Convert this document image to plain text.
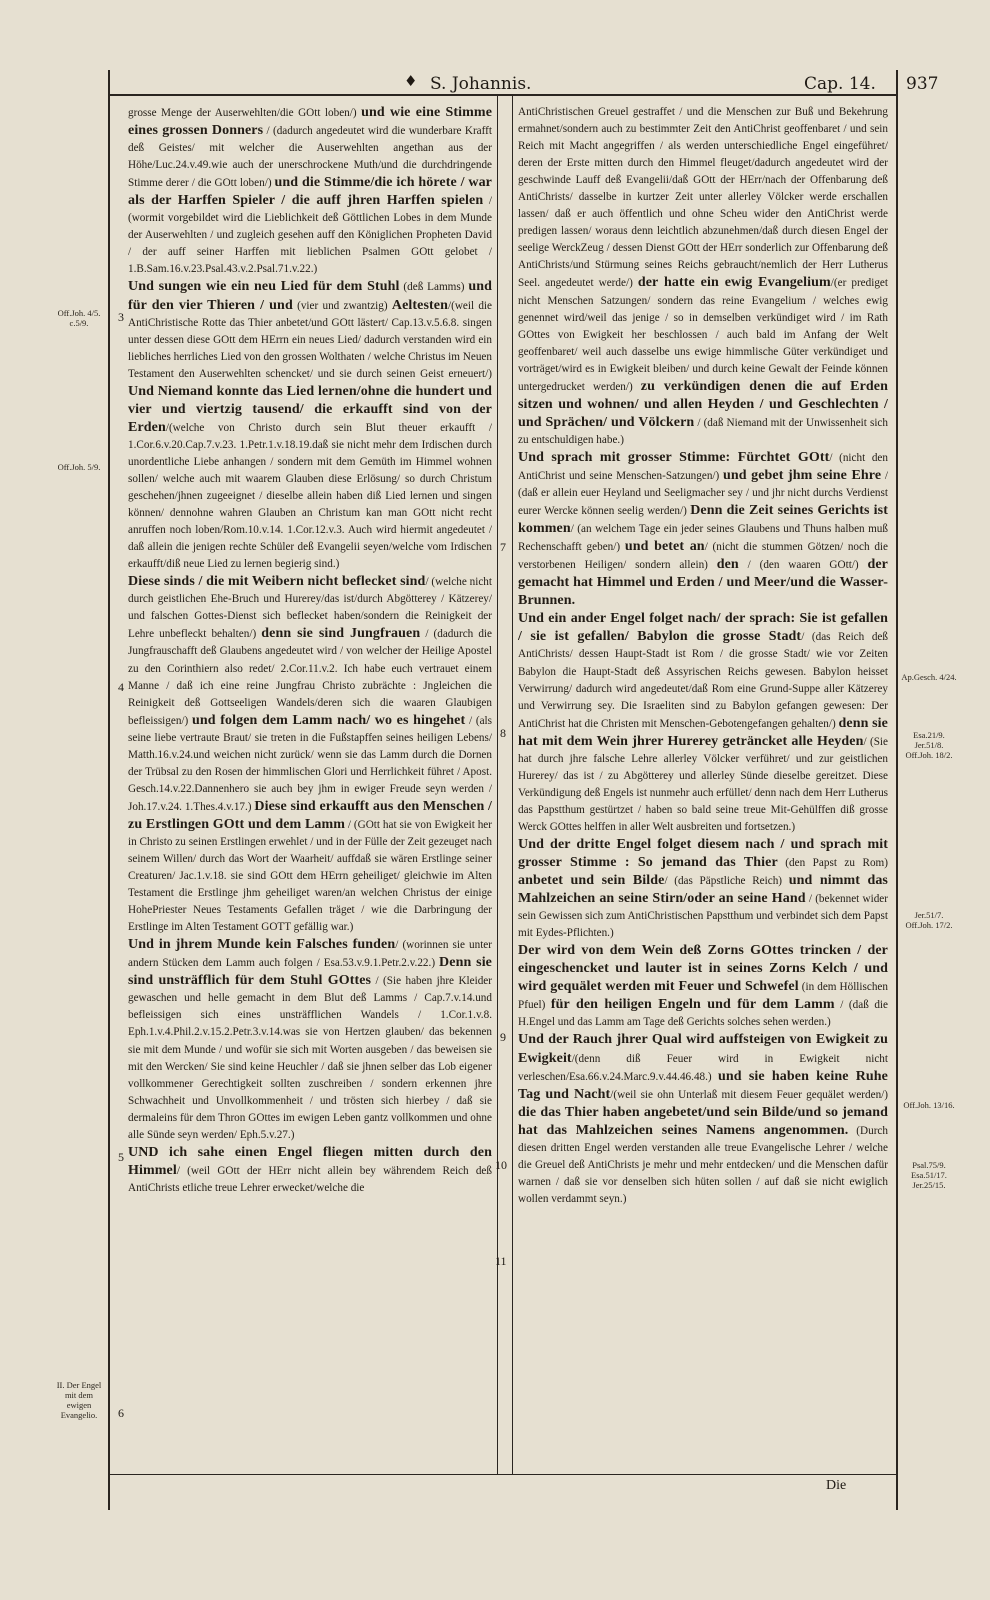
♦ S. Johannis.	Cap. 14. 937

grosse Menge der Auserwehlten/die GOtt loben/) und wie eine Stimme eines grossen Donners / (dadurch angedeutet wird die wunderbare Krafft deß Geistes/ mit welcher die Auserwehlten angethan aus der Höhe/Luc.24.v.49.wie auch der unerschrockene Muth/und die durchdringende Stimme derer / die GOtt loben/) und die Stimme/die ich hörete / war als der Harffen Spieler / die auff jhren Harffen spielen / (wormit vorgebildet wird die Lieblichkeit deß Göttlichen Lobes in dem Munde der Auserwehlten / und zugleich gesehen auff den Königlichen Propheten David / der auff seiner Harffen mit lieblichen Psalmen GOtt gelobet / 1.B.Sam.16.v.23.Psal.43.v.2.Psal.71.v.22.)

Und sungen wie ein neu Lied für dem Stuhl (deß Lamms) und für den vier Thieren / und (vier und zwantzig) Aeltesten/(weil die AntiChristische Rotte das Thier anbetet/und GOtt lästert/ Cap.13.v.5.6.8. singen unter dessen diese GOtt dem HErrn ein neues Lied/ dadurch verstanden wird ein liebliches herrliches Lied von den grossen Wolthaten / welche Christus im Neuen Testament den Auserwehlten schencket/ und sie durch seinen Geist erneuert/) Und Niemand konnte das Lied lernen/ohne die hundert und vier und viertzig tausend/ die erkaufft sind von der Erden/(welche von Christo durch sein Blut theuer erkaufft / 1.Cor.6.v.20.Cap.7.v.23. 1.Petr.1.v.18.19.daß sie nicht mehr dem Irdischen durch unordentliche Liebe anhangen / sondern mit dem Gemüth im Himmel wohnen sollen/ welche auch mit waarem Glauben diese Erlösung/ so durch Christum geschehen/jhnen zugeeignet / dieselbe allein haben diß Lied lernen und singen können/ dennohne wahren Glauben an Christum kan man GOtt nicht recht anruffen noch loben/Rom.10.v.14. 1.Cor.12.v.3. Auch wird hiermit angedeutet / daß allein die jenigen rechte Schüler deß Evangelii seyen/welche vom Irdischen erkaufft/diß neue Lied zu lernen begierig sind.)

Diese sinds / die mit Weibern nicht beflecket sind/ (welche nicht durch geistlichen Ehe-Bruch und Hurerey/das ist/durch Abgötterey / Kätzerey/ und falschen Gottes-Dienst sich beflecket haben/sondern die Reinigkeit der Lehre unbefleckt behalten/) denn sie sind Jungfrauen / (dadurch die Jungfrauschafft deß Glaubens angedeutet wird / von welcher der Heilige Apostel zu den Corinthiern also redet/ 2.Cor.11.v.2. Ich habe euch vertrauet einem Manne / daß ich eine reine Jungfrau Christo zubrächte : Jngleichen die Reinigkeit deß Gottseeligen Wandels/deren sich die waaren Glaubigen befleissigen/) und folgen dem Lamm nach/ wo es hingehet / (als seine liebe vertraute Braut/ sie treten in die Fußstapffen seines heiligen Lebens/ Matth.16.v.24.und weichen nicht zurück/ wenn sie das Lamm durch die Dornen der Trübsal zu den Rosen der himmlischen Glori und Herrlichkeit führet / Apost. Gesch.14.v.22.Dannenhero sie auch bey jhm in ewiger Freude seyn werden / Joh.17.v.24. 1.Thes.4.v.17.) Diese sind erkaufft aus den Menschen / zu Erstlingen GOtt und dem Lamm / (GOtt hat sie von Ewigkeit her in Christo zu seinen Erstlingen erwehlet / und in der Fülle der Zeit gezeuget nach seinem Willen/ durch das Wort der Waarheit/ auffdaß sie wären Erstlinge seiner Creaturen/ Jac.1.v.18. sie sind GOtt dem HErrn geheiliget/ gleichwie im Alten Testament die Erstlinge jhm geheiliget waren/an welchen Christus der einige HohePriester Neues Testaments Gefallen träget / wie die Darbringung der Erstlinge im Alten Testament GOTT gefällig war.)

Und in jhrem Munde kein Falsches funden/ (worinnen sie unter andern Stücken dem Lamm auch folgen / Esa.53.v.9.1.Petr.2.v.22.) Denn sie sind unsträfflich für dem Stuhl GOttes / (Sie haben jhre Kleider gewaschen und helle gemacht in dem Blut deß Lamms / Cap.7.v.14.und befleissigen sich eines unsträfflichen Wandels / 1.Cor.1.v.8. Eph.1.v.4.Phil.2.v.15.2.Petr.3.v.14.was sie von Hertzen glauben/ das bekennen sie mit dem Munde / und wofür sie sich mit Worten ausgeben / das beweisen sie mit den Wercken/ Sie sind keine Heuchler / daß sie jhnen selber das Lob eigener vollkommener Gerechtigkeit sollten zuschreiben / sondern erkennen jhre Schwachheit und Unvollkommenheit / und trösten sich hierbey / daß sie dermaleins für dem Thron GOttes im ewigen Leben gantz vollkommen und ohne alle Sünde seyn werden/ Eph.5.v.27.)

UND ich sahe einen Engel fliegen mitten durch den Himmel/ (weil GOtt der HErr nicht allein bey währendem Reich deß AntiChrists etliche treue Lehrer erwecket/welche die

AntiChristischen Greuel gestraffet / und die Menschen zur Buß und Bekehrung ermahnet/sondern auch zu bestimmter Zeit den AntiChrist geoffenbaret / und sein Reich mit Macht angegriffen / als werden unterschiedliche Engel eingeführet/ deren der Erste mitten durch den Himmel fleuget/dadurch angedeutet wird der geschwinde Lauff deß Evangelii/daß GOtt der HErr/nach der Offenbarung deß AntiChrists/ dasselbe in kurtzer Zeit unter allerley Völcker werde erschallen lassen/ daß er auch öffentlich und ohne Scheu wider den AntiChrist werde predigen lassen/ woraus denn leichtlich abzunehmen/daß durch diesen Engel der seelige WerckZeug / dessen Dienst GOtt der HErr sonderlich zur Offenbarung deß AntiChrists/und Stürmung seines Reichs gebraucht/nemlich der Herr Lutherus Seel. angedeutet werde/) der hatte ein ewig Evangelium/(er prediget nicht Menschen Satzungen/ sondern das reine Evangelium / welches ewig genennet wird/weil das jenige / so in demselben verkündiget wird / im Rath GOttes von Ewigkeit her beschlossen / auch bald im Anfang der Welt geoffenbaret/ weil auch dasselbe uns ewige himmlische Güter verkündiget und vorträget/wird es in Ewigkeit bleiben/ und durch keine Gewalt der Feinde können untergedrucket werden/) zu verkündigen denen die auf Erden sitzen und wohnen/ und allen Heyden / und Geschlechten / und Sprächen/ und Völckern / (daß Niemand mit der Unwissenheit sich zu entschuldigen habe.)

Und sprach mit grosser Stimme: Fürchtet GOtt/ (nicht den AntiChrist und seine Menschen-Satzungen/) und gebet jhm seine Ehre / (daß er allein euer Heyland und Seeligmacher sey / und jhr nicht durchs Verdienst eurer Wercke können seelig werden/) Denn die Zeit seines Gerichts ist kommen/ (an welchem Tage ein jeder seines Glaubens und Thuns halben muß Rechenschafft geben/) und betet an/ (nicht die stummen Götzen/ noch die verstorbenen Heiligen/ sondern allein) den / (den waaren GOtt/) der gemacht hat Himmel und Erden / und Meer/und die Wasser-Brunnen.

Und ein ander Engel folget nach/ der sprach: Sie ist gefallen / sie ist gefallen/ Babylon die grosse Stadt/ (das Reich deß AntiChrists/ dessen Haupt-Stadt ist Rom / die grosse Stadt/ wie vor Zeiten Babylon die Haupt-Stadt deß Assyrischen Reichs gewesen. Babylon heisset Verwirrung/ dadurch wird angedeutet/daß Rom eine Grund-Suppe aller Kätzerey und Verwirrung sey. Die Israeliten sind zu Babylon gefangen gewesen: Der AntiChrist hat die Christen mit Menschen-Gebotengefangen gehalten/) denn sie hat mit dem Wein jhrer Hurerey geträncket alle Heyden/ (Sie hat durch jhre falsche Lehre allerley Völcker verführet/ und zur geistlichen Hurerey/ das ist / zu Abgötterey und allerley Sünde dieselbe gereitzet. Diese Verkündigung deß Engels ist nunmehr auch erfüllet/ denn nach dem Herr Lutherus das Papstthum gestürtzet / haben so bald seine treue Mit-Gehülffen diß grosse Werck GOttes helffen in aller Welt ausbreiten und fortsetzen.)

Und der dritte Engel folget diesem nach / und sprach mit grosser Stimme : So jemand das Thier (den Papst zu Rom) anbetet und sein Bilde/ (das Päpstliche Reich) und nimmt das Mahlzeichen an seine Stirn/oder an seine Hand / (bekennet wider sein Gewissen sich zum AntiChristischen Papstthum und verbindet sich dem Papst mit Eydes-Pflichten.)

Der wird von dem Wein deß Zorns GOttes trincken / der eingeschencket und lauter ist in seines Zorns Kelch / und wird gequälet werden mit Feuer und Schwefel (in dem Höllischen Pfuel) für den heiligen Engeln und für dem Lamm / (daß die H.Engel und das Lamm am Tage deß Gerichts solches sehen werden.)

Und der Rauch jhrer Qual wird auffsteigen von Ewigkeit zu Ewigkeit/(denn diß Feuer wird in Ewigkeit nicht verleschen/Esa.66.v.24.Marc.9.v.44.46.48.) und sie haben keine Ruhe Tag und Nacht/(weil sie ohn Unterlaß mit diesem Feuer gequälet werden/) die das Thier haben angebetet/und sein Bilde/und so jemand hat das Mahlzeichen seines Namens angenommen. (Durch diesen dritten Engel werden verstanden alle treue Evangelische Lehrer / welche die Greuel deß AntiChrists je mehr und mehr entdecken/ und die Menschen dafür warnen / daß sie vor denselben sich hüten sollen / auf daß sie nicht ewiglich wollen verdammt seyn.)

3
4
5
6
7
8
9
10
11
Off.Joh. 4/5. c.5/9.
Off.Joh. 5/9.
II. Der Engel mit dem ewigen Evangelio.
Ap.Gesch. 4/24.
Esa.21/9. Jer.51/8. Off.Joh. 18/2.
Jer.51/7. Off.Joh. 17/2.
Off.Joh. 13/16.
Psal.75/9. Esa.51/17. Jer.25/15.
Die
